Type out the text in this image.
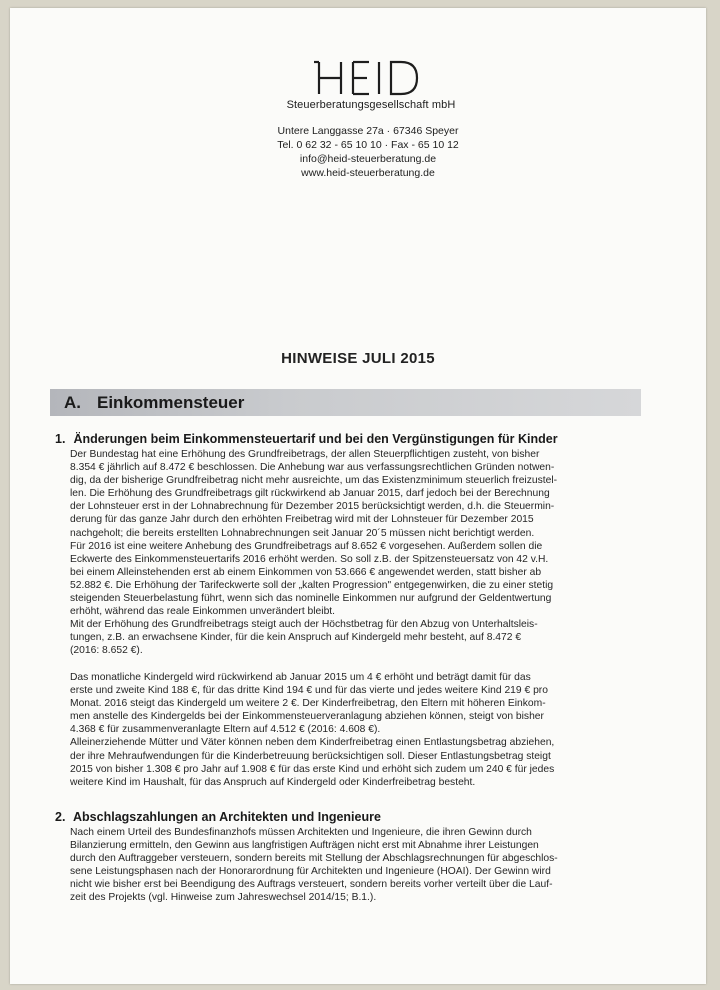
Steuerberatungsgesellschaft mbH
Untere Langgasse 27a · 67346 Speyer
Tel. 0 62 32 - 65 10 10 · Fax - 65 10 12
info@heid-steuerberatung.de
www.heid-steuerberatung.de
HINWEISE JULI 2015
A. Einkommensteuer
1. Änderungen beim Einkommensteuertarif und bei den Vergünstigungen für Kinder
Der Bundestag hat eine Erhöhung des Grundfreibetrags, der allen Steuerpflichtigen zusteht, von bisher
8.354 € jährlich auf 8.472 € beschlossen. Die Anhebung war aus verfassungsrechtlichen Gründen notwen-
dig, da der bisherige Grundfreibetrag nicht mehr ausreichte, um das Existenzminimum steuerlich freizustel-
len. Die Erhöhung des Grundfreibetrags gilt rückwirkend ab Januar 2015, darf jedoch bei der Berechnung
der Lohnsteuer erst in der Lohnabrechnung für Dezember 2015 berücksichtigt werden, d.h. die Steuermin-
derung für das ganze Jahr durch den erhöhten Freibetrag wird mit der Lohnsteuer für Dezember 2015
nachgeholt; die bereits erstellten Lohnabrechnungen seit Januar 20´5 müssen nicht berichtigt werden.
Für 2016 ist eine weitere Anhebung des Grundfreibetrags auf 8.652 € vorgesehen. Außerdem sollen die
Eckwerte des Einkommensteuertarifs 2016 erhöht werden. So soll z.B. der Spitzensteuersatz von 42 v.H.
bei einem Alleinstehenden erst ab einem Einkommen von 53.666 € angewendet werden, statt bisher ab
52.882 €. Die Erhöhung der Tarifeckwerte soll der „kalten Progression" entgegenwirken, die zu einer stetig
steigenden Steuerbelastung führt, wenn sich das nominelle Einkommen nur aufgrund der Geldentwertung
erhöht, während das reale Einkommen unverändert bleibt.
Mit der Erhöhung des Grundfreibetrags steigt auch der Höchstbetrag für den Abzug von Unterhaltsleis-
tungen, z.B. an erwachsene Kinder, für die kein Anspruch auf Kindergeld mehr besteht, auf 8.472 €
(2016: 8.652 €).
Das monatliche Kindergeld wird rückwirkend ab Januar 2015 um 4 € erhöht und beträgt damit für das
erste und zweite Kind 188 €, für das dritte Kind 194 € und für das vierte und jedes weitere Kind 219 € pro
Monat. 2016 steigt das Kindergeld um weitere 2 €. Der Kinderfreibetrag, den Eltern mit höheren Einkom-
men anstelle des Kindergelds bei der Einkommensteuerveranlagung abziehen können, steigt von bisher
4.368 € für zusammenveranlagte Eltern auf 4.512 € (2016: 4.608 €).
Alleinerziehende Mütter und Väter können neben dem Kinderfreibetrag einen Entlastungsbetrag abziehen,
der ihre Mehraufwendungen für die Kinderbetreuung berücksichtigen soll. Dieser Entlastungsbetrag steigt
2015 von bisher 1.308 € pro Jahr auf 1.908 € für das erste Kind und erhöht sich zudem um 240 € für jedes
weitere Kind im Haushalt, für das Anspruch auf Kindergeld oder Kinderfreibetrag besteht.
2. Abschlagszahlungen an Architekten und Ingenieure
Nach einem Urteil des Bundesfinanzhofs müssen Architekten und Ingenieure, die ihren Gewinn durch
Bilanzierung ermitteln, den Gewinn aus langfristigen Aufträgen nicht erst mit Abnahme ihrer Leistungen
durch den Auftraggeber versteuern, sondern bereits mit Stellung der Abschlagsrechnungen für abgeschlos-
sene Leistungsphasen nach der Honorarordnung für Architekten und Ingenieure (HOAI). Der Gewinn wird
nicht wie bisher erst bei Beendigung des Auftrags versteuert, sondern bereits vorher verteilt über die Lauf-
zeit des Projekts (vgl. Hinweise zum Jahreswechsel 2014/15; B.1.).
